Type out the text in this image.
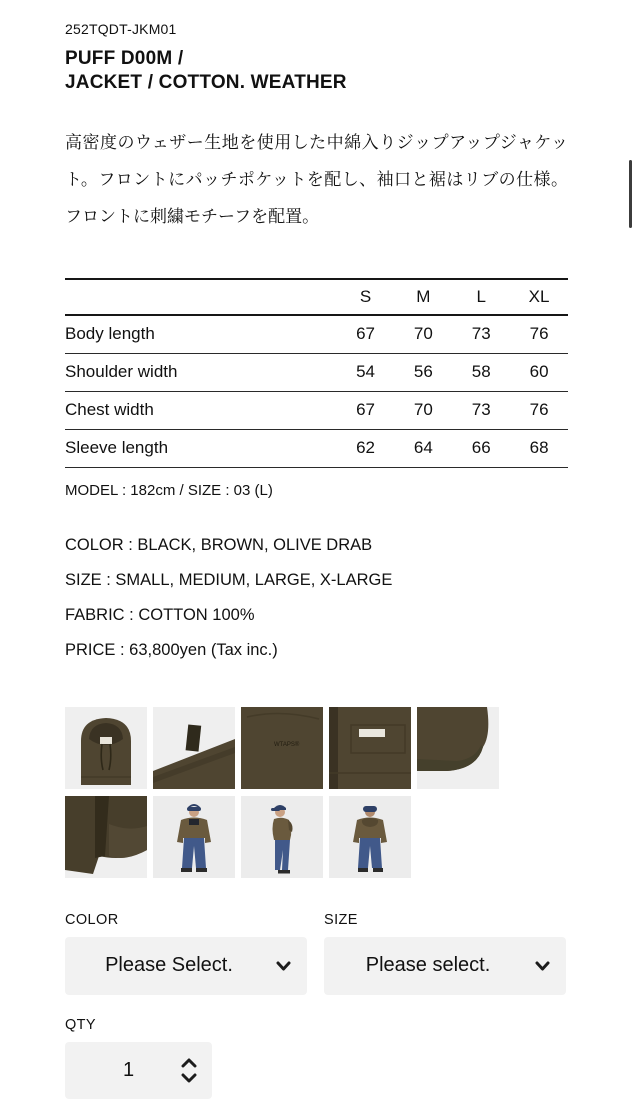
252TQDT-JKM01
PUFF D00M /
JACKET / COTTON. WEATHER

高密度のウェザー生地を使用した中綿入りジップアップジャケット。フロントにパッチポケットを配し、袖口と裾はリブの仕様。フロントに刺繍モチーフを配置。

	S	M	L	XL
Body length	67	70	73	76
Shoulder width	54	56	58	60
Chest width	67	70	73	76
Sleeve length	62	64	66	68
MODEL : 182cm / SIZE : 03 (L)
COLOR : BLACK, BROWN, OLIVE DRAB
SIZE : SMALL, MEDIUM, LARGE, X-LARGE
FABRIC : COTTON 100%
PRICE : 63,800yen (Tax inc.)
WTAPS®
COLOR
Please Select.
SIZE
Please select.
QTY
1
